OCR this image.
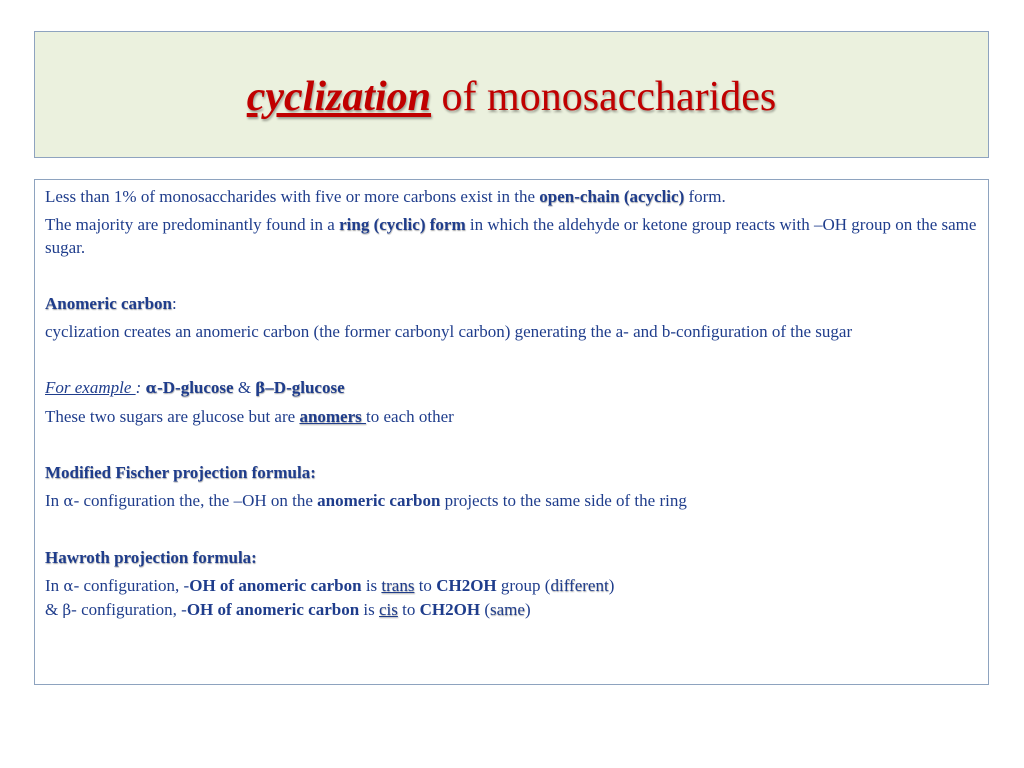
cyclization of monosaccharides

Less than 1% of monosaccharides with five or more carbons exist in the open-chain (acyclic) form.

The majority are predominantly found in a ring (cyclic) form in which the aldehyde or ketone group reacts with –OH group on the same sugar.

Anomeric carbon:

cyclization creates an anomeric carbon (the former carbonyl carbon) generating the a- and b-configuration of the sugar

For example : α-D-glucose & β–D-glucose

These two sugars are glucose but are anomers to each other

Modified Fischer projection formula:

In α- configuration the, the –OH on the anomeric carbon projects to the same side of the ring

Hawroth projection formula:

In α- configuration, -OH of anomeric carbon is trans to CH2OH group (different)

& β- configuration, -OH of anomeric carbon is cis to CH2OH (same)
